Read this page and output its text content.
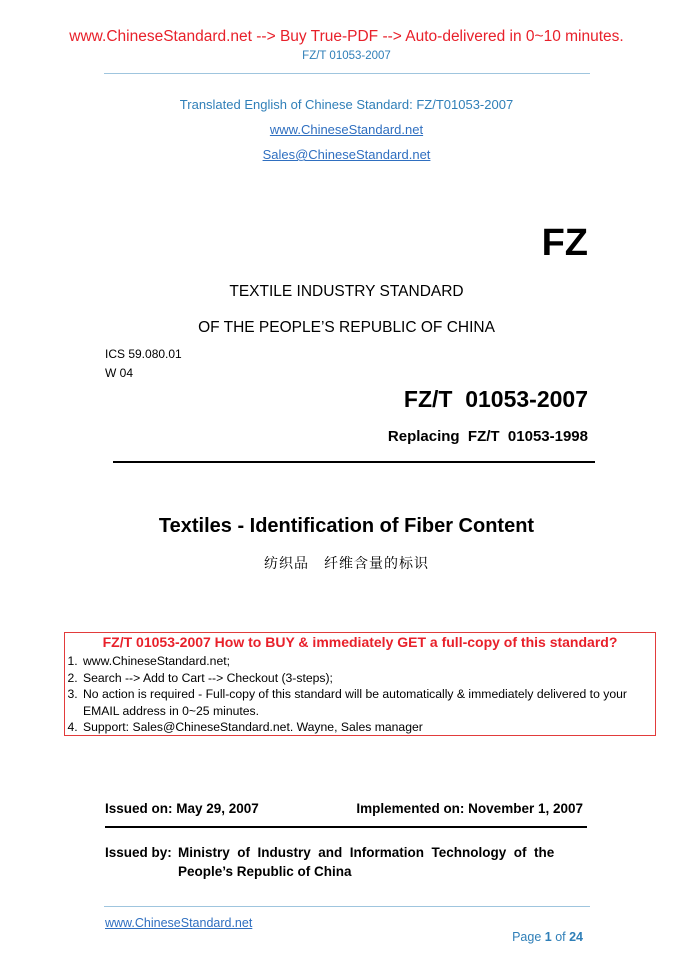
www.ChineseStandard.net --> Buy True-PDF --> Auto-delivered in 0~10 minutes.
FZ/T 01053-2007
Translated English of Chinese Standard: FZ/T01053-2007
www.ChineseStandard.net
Sales@ChineseStandard.net
FZ
TEXTILE INDUSTRY STANDARD
OF THE PEOPLE’S REPUBLIC OF CHINA
ICS 59.080.01
W 04
FZ/T  01053-2007
Replacing  FZ/T  01053-1998
Textiles - Identification of Fiber Content
纺织品　纤维含量的标识
FZ/T 01053-2007 How to BUY & immediately GET a full-copy of this standard?
1. www.ChineseStandard.net;
2. Search --> Add to Cart --> Checkout (3-steps);
3. No action is required - Full-copy of this standard will be automatically & immediately delivered to your EMAIL address in 0~25 minutes.
4. Support: Sales@ChineseStandard.net. Wayne, Sales manager
Issued on: May 29, 2007	Implemented on: November 1, 2007
Issued by: Ministry  of  Industry  and  Information  Technology  of  the
People’s Republic of China
www.ChineseStandard.net

Page 1 of 24
